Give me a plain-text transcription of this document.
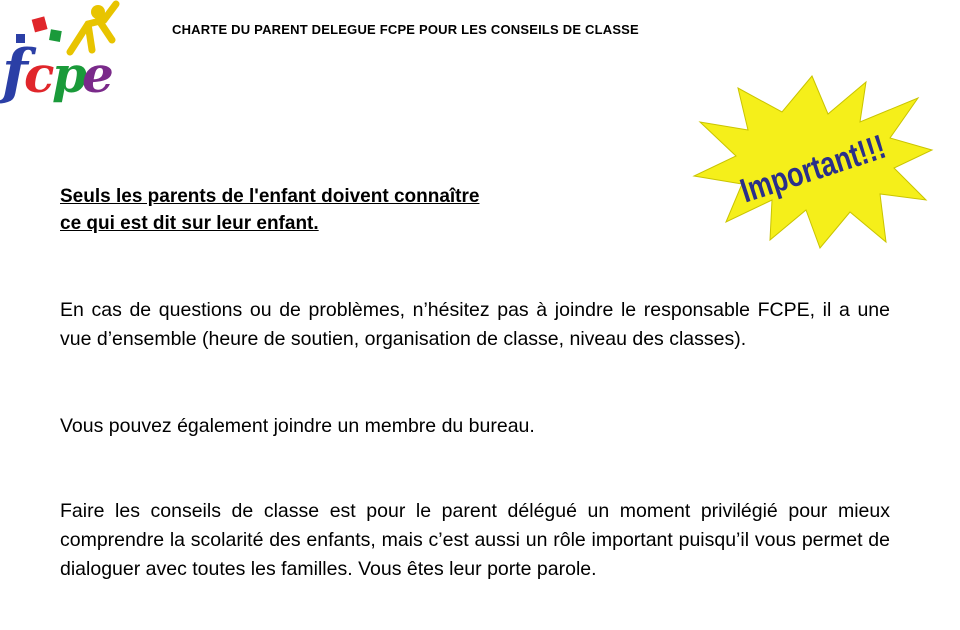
f
c
p
e
CHARTE DU PARENT DELEGUE FCPE POUR LES CONSEILS DE CLASSE
Important!!!

Seuls les parents de l'enfant doivent connaître
ce qui est dit sur leur enfant.

En cas de questions ou de problèmes, n’hésitez pas à joindre le responsable FCPE, il a une vue d’ensemble (heure de soutien, organisation de classe, niveau des classes).

Vous pouvez également joindre un membre du bureau.

Faire les conseils de classe est pour le parent délégué un moment privilégié pour mieux comprendre la scolarité des enfants, mais c’est aussi un rôle important puisqu’il vous permet de dialoguer avec toutes les familles. Vous êtes leur porte parole.
